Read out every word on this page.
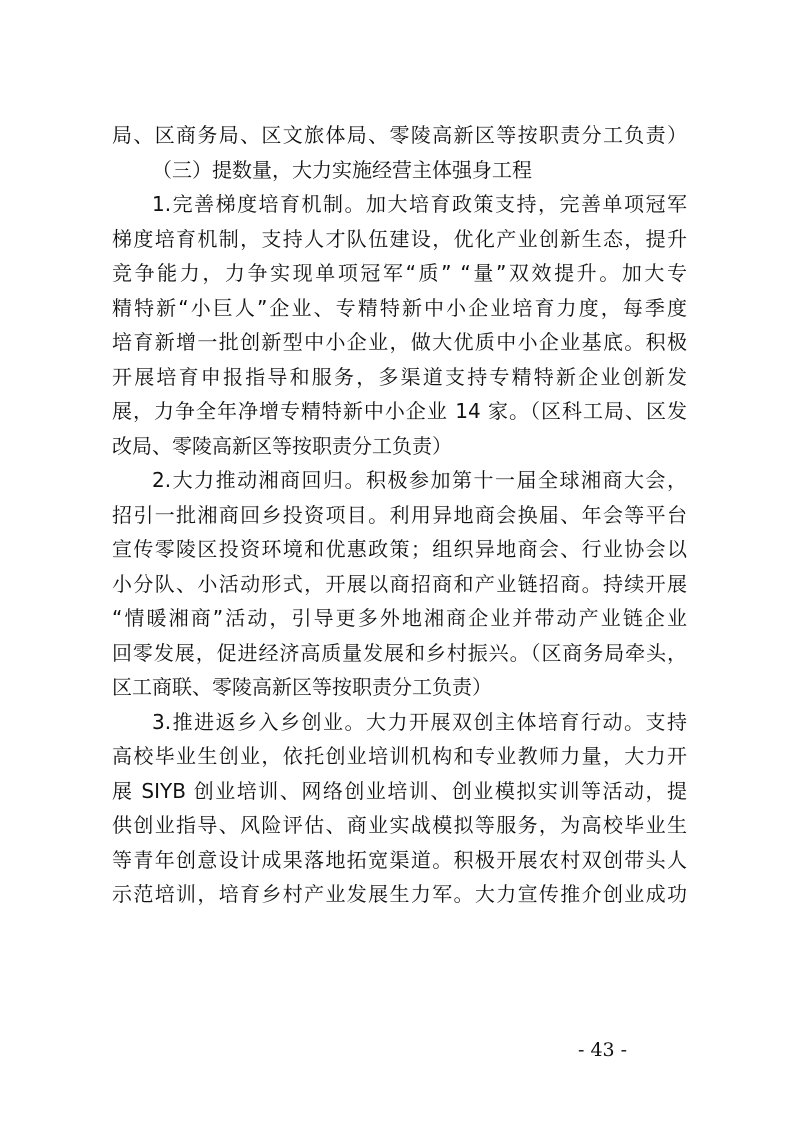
局、区商务局、区文旅体局、零陵高新区等按职责分工负责）
（三）提数量，大力实施经营主体强身工程
1.完善梯度培育机制。加大培育政策支持，完善单项冠军
梯度培育机制，支持人才队伍建设，优化产业创新生态，提升
竞争能力，力争实现单项冠军“质” “量”双效提升。加大专
精特新“小巨人”企业、专精特新中小企业培育力度，每季度
培育新增一批创新型中小企业，做大优质中小企业基底。积极
开展培育申报指导和服务，多渠道支持专精特新企业创新发
展，力争全年净增专精特新中小企业 14 家。（区科工局、区发
改局、零陵高新区等按职责分工负责）
2.大力推动湘商回归。积极参加第十一届全球湘商大会，
招引一批湘商回乡投资项目。利用异地商会换届、年会等平台
宣传零陵区投资环境和优惠政策；组织异地商会、行业协会以
小分队、小活动形式，开展以商招商和产业链招商。持续开展
“情暖湘商”活动，引导更多外地湘商企业并带动产业链企业
回零发展，促进经济高质量发展和乡村振兴。（区商务局牵头，
区工商联、零陵高新区等按职责分工负责）
3.推进返乡入乡创业。大力开展双创主体培育行动。支持
高校毕业生创业，依托创业培训机构和专业教师力量，大力开
展 SIYB 创业培训、网络创业培训、创业模拟实训等活动，提
供创业指导、风险评估、商业实战模拟等服务，为高校毕业生
等青年创意设计成果落地拓宽渠道。积极开展农村双创带头人
示范培训，培育乡村产业发展生力军。大力宣传推介创业成功
- 43 -
